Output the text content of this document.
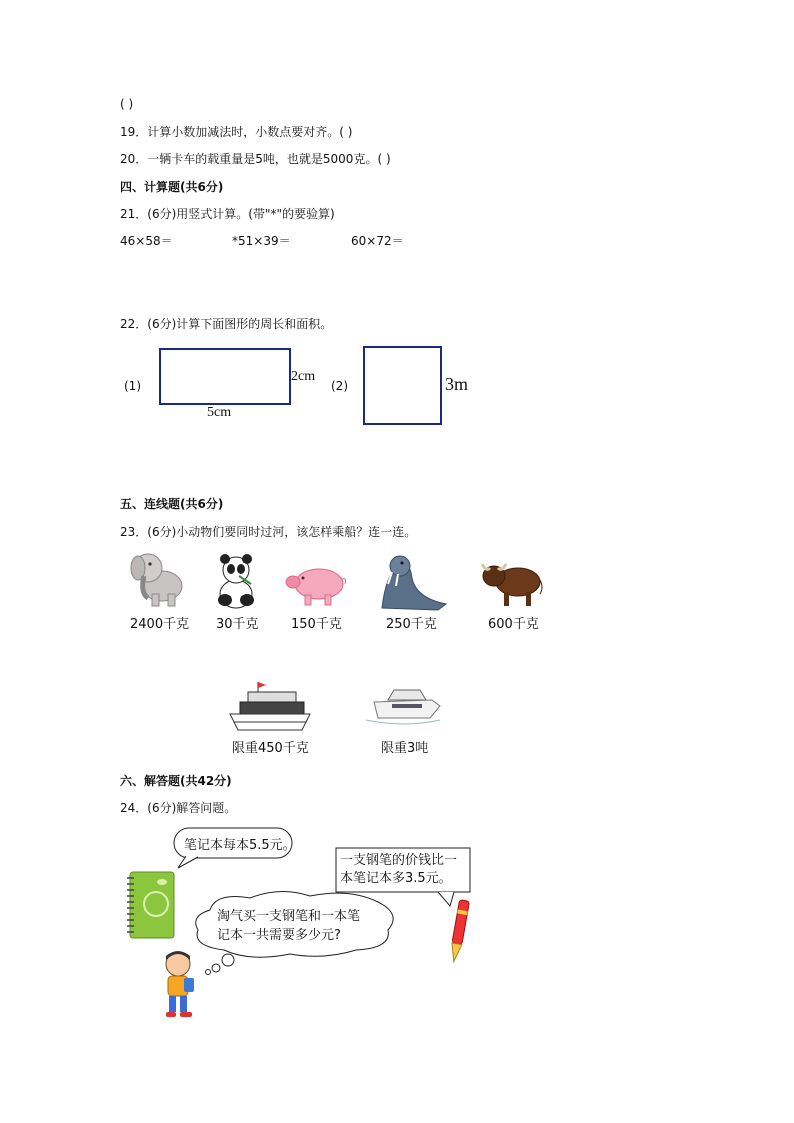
( )
19．计算小数加减法时，小数点要对齐。( )
20．一辆卡车的载重量是5吨，也就是5000克。( )
四、计算题(共6分)
21．(6分)用竖式计算。(带"*"的要验算)
46×58＝	*51×39＝	60×72＝
22．(6分)计算下面图形的周长和面积。
(1)
2cm
5cm
(2)	3m
五、连线题(共6分)
23．(6分)小动物们要同时过河，该怎样乘船？连一连。
2400千克 30千克 150千克	250千克	600千克
限重450千克	限重3吨
六、解答题(共42分)
24．(6分)解答问题。
笔记本每本5.5元。
一支钢笔的价钱比一
本笔记本多3.5元。
淘气买一支钢笔和一本笔
记本一共需要多少元?
